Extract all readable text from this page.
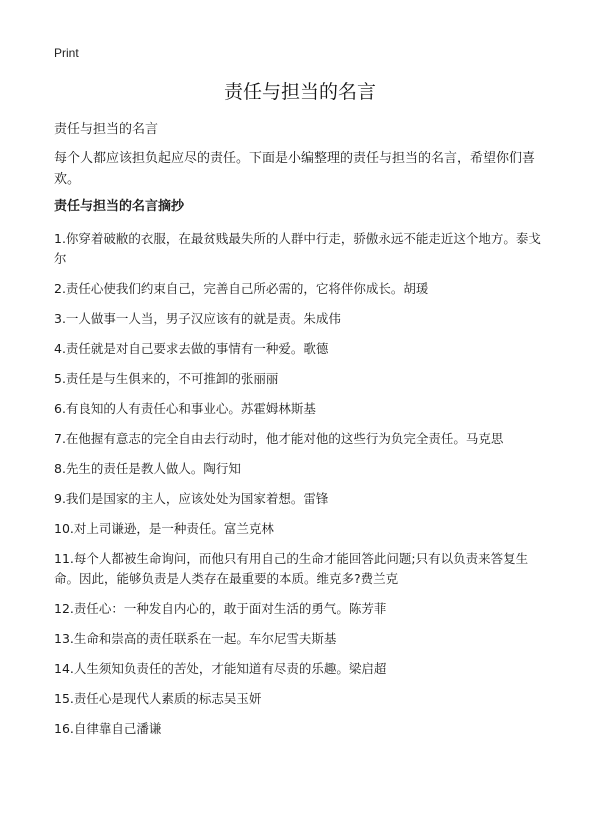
Print
责任与担当的名言

责任与担当的名言

每个人都应该担负起应尽的责任。下面是小编整理的责任与担当的名言，希望你们喜欢。

责任与担当的名言摘抄
1.你穿着破敝的衣服，在最贫贱最失所的人群中行走，骄傲永远不能走近这个地方。泰戈尔
2.责任心使我们约束自己，完善自己所必需的，它将伴你成长。胡瑗
3.一人做事一人当，男子汉应该有的就是责。朱成伟
4.责任就是对自己要求去做的事情有一种爱。歌德
5.责任是与生俱来的，不可推卸的张丽丽
6.有良知的人有责任心和事业心。苏霍姆林斯基
7.在他握有意志的完全自由去行动时，他才能对他的这些行为负完全责任。马克思
8.先生的责任是教人做人。陶行知
9.我们是国家的主人，应该处处为国家着想。雷锋
10.对上司谦逊，是一种责任。富兰克林
11.每个人都被生命询问，而他只有用自己的生命才能回答此问题;只有以负责来答复生命。因此，能够负责是人类存在最重要的本质。维克多?费兰克
12.责任心：一种发自内心的，敢于面对生活的勇气。陈芳菲
13.生命和崇高的责任联系在一起。车尔尼雪夫斯基
14.人生须知负责任的苦处，才能知道有尽责的乐趣。梁启超
15.责任心是现代人素质的标志吴玉妍
16.自律靠自己潘谦
